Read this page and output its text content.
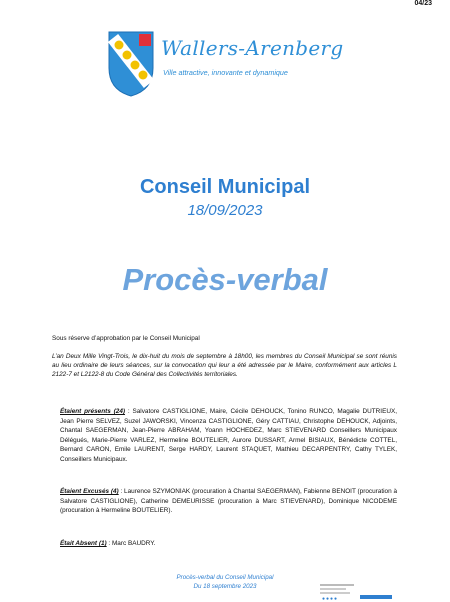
04/23
Wallers-Arenberg
Ville attractive, innovante et dynamique
Conseil Municipal
18/09/2023
Procès-verbal
Sous réserve d’approbation par le Conseil Municipal
L’an Deux Mille Vingt-Trois, le dix-huit du mois de septembre à 18h00, les membres du Conseil Municipal se sont réunis au lieu ordinaire de leurs séances, sur la convocation qui leur a été adressée par le Maire, conformément aux articles L 2122-7 et L2122-8 du Code Général des Collectivités territoriales.
Étaient présents (24) : Salvatore CASTIGLIONE, Maire, Cécile DEHOUCK, Tonino RUNCO, Magalie DUTRIEUX, Jean Pierre SELVEZ, Suzel JAWORSKI, Vincenza CASTIGLIONE, Géry CATTIAU, Christophe DEHOUCK, Adjoints, Chantal SAEGERMAN, Jean-Pierre ABRAHAM, Yoann HOCHEDEZ, Marc STIEVENARD Conseillers Municipaux Délégués, Marie-Pierre VARLEZ, Hermeline BOUTELIER, Aurore DUSSART, Armel BISIAUX, Bénédicte COTTEL, Bernard CARON, Emile LAURENT, Serge HARDY, Laurent STAQUET, Mathieu DECARPENTRY, Cathy TYLEK, Conseillers Municipaux.
Étaient Excusés (4) : Laurence SZYMONIAK (procuration à Chantal SAEGERMAN), Fabienne BENOIT (procuration à Salvatore CASTIGLIONE), Catherine DEMEURISSE (procuration à Marc STIEVENARD), Dominique NICODEME (procuration à Hermeline BOUTELIER).
Était Absent (1) : Marc BAUDRY.
Procès-verbal du Conseil Municipal
Du 18 septembre 2023
●●●●
